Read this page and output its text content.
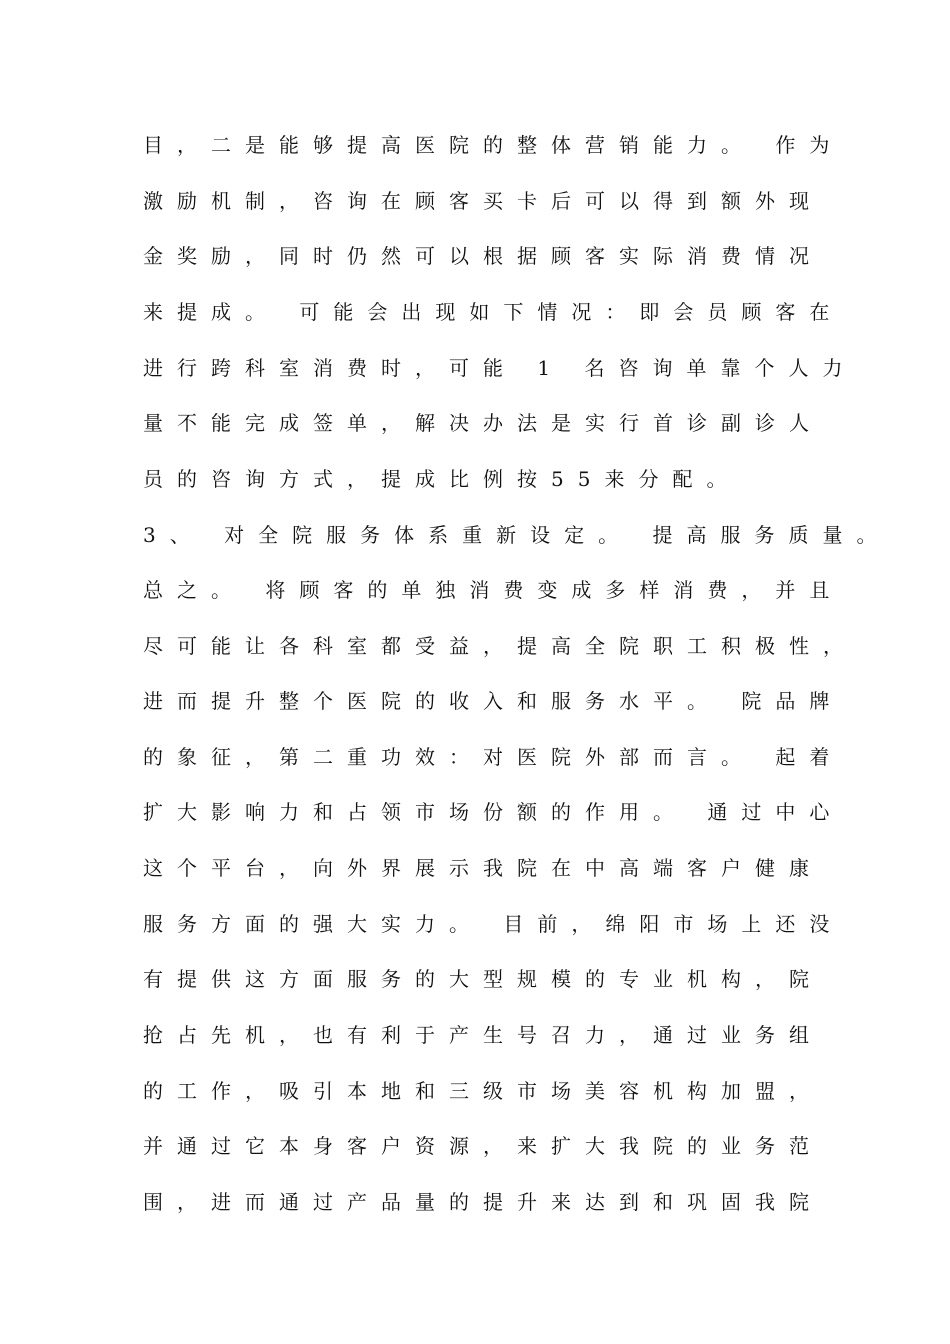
目，二是能够提高医院的整体营销能力。 作为
激励机制，咨询在顾客买卡后可以得到额外现
金奖励，同时仍然可以根据顾客实际消费情况
来提成。 可能会出现如下情况：即会员顾客在
进行跨科室消费时，可能 1 名咨询单靠个人力
量不能完成签单，解决办法是实行首诊副诊人
员的咨询方式，提成比例按55来分配。
3、 对全院服务体系重新设定。 提高服务质量。
总之。 将顾客的单独消费变成多样消费，并且
尽可能让各科室都受益，提高全院职工积极性，
进而提升整个医院的收入和服务水平。 院品牌
的象征，第二重功效：对医院外部而言。 起着
扩大影响力和占领市场份额的作用。 通过中心
这个平台，向外界展示我院在中高端客户健康
服务方面的强大实力。 目前，绵阳市场上还没
有提供这方面服务的大型规模的专业机构，院
抢占先机，也有利于产生号召力，通过业务组
的工作，吸引本地和三级市场美容机构加盟，
并通过它本身客户资源，来扩大我院的业务范
围，进而通过产品量的提升来达到和巩固我院
